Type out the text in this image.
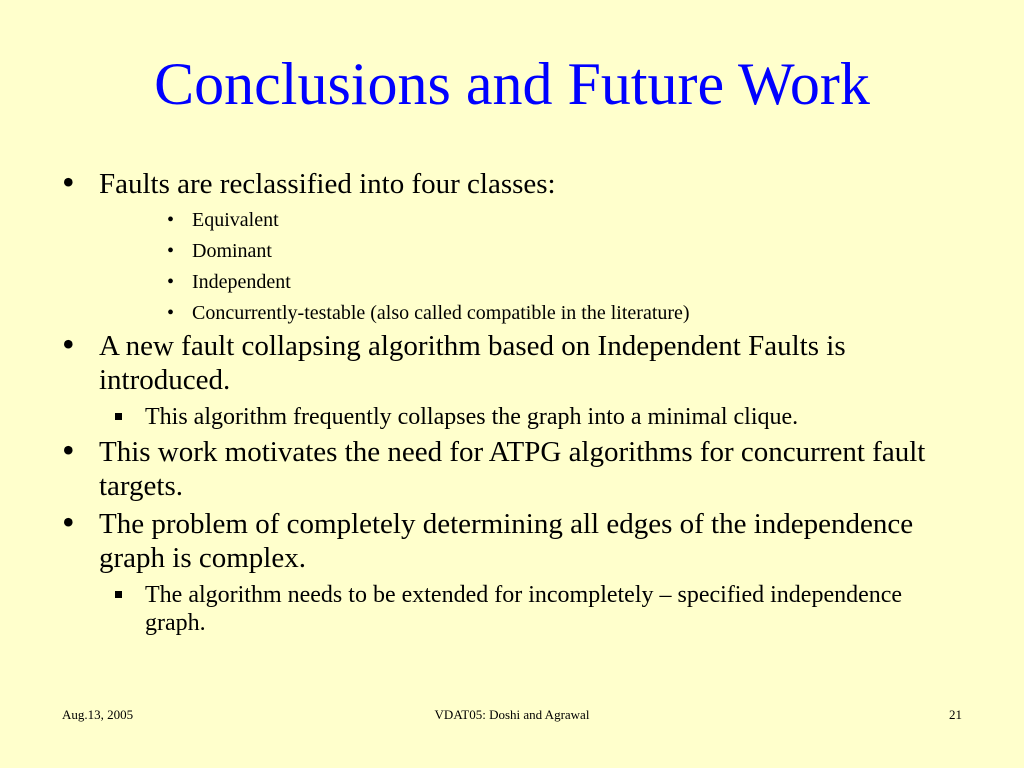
Conclusions and Future Work
• Faults are reclassified into four classes:
• Equivalent
• Dominant
• Independent
• Concurrently-testable (also called compatible in the literature)
• A new fault collapsing algorithm based on Independent Faults is introduced.
This algorithm frequently collapses the graph into a minimal clique.
• This work motivates the need for ATPG algorithms for concurrent fault targets.
• The problem of completely determining all edges of the independence graph is complex.
The algorithm needs to be extended for incompletely – specified independence graph.
Aug.13, 2005	VDAT05: Doshi and Agrawal	21
